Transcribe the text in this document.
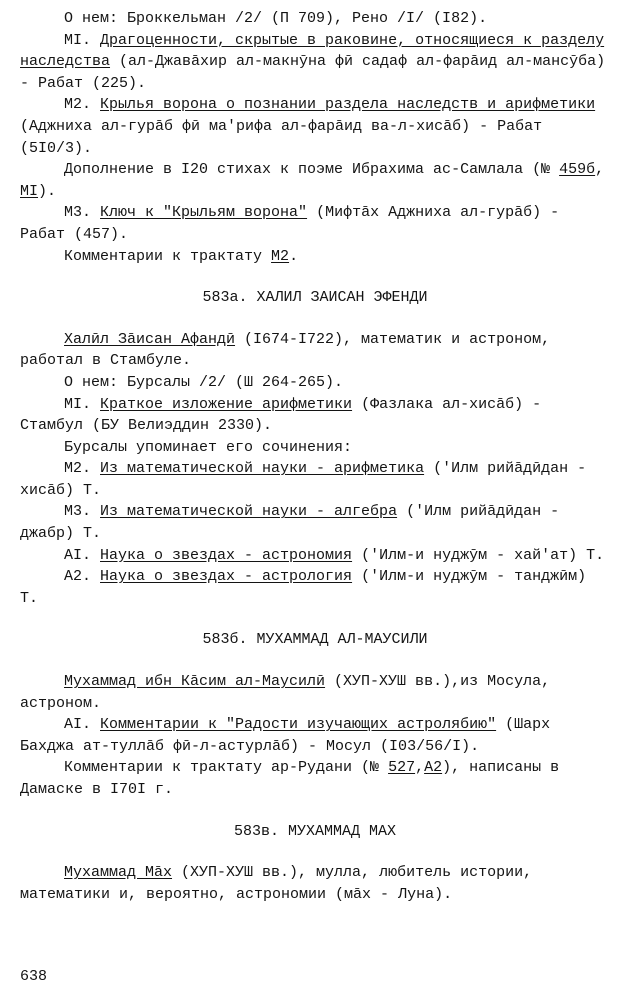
О нем: Броккельман /2/ (П 709), Рено /I/ (I82).

MI. Драгоценности, скрытые в раковине, относящиеся к разделу наследства (ал-Джавāхир ал-макнӯна фӣ садаф ал-фарāид ал-мансӯба) - Рабат (225).

M2. Крылья ворона о познании раздела наследств и арифметики (Аджниха ал-гурāб фӣ ма'рифа ал-фарāид ва-л-хисāб) - Рабат (5I0/3).

Дополнение в I20 стихах к поэме Ибрахима ас-Самлала (№ 459б, MI).

M3. Ключ к "Крыльям ворона" (Мифтāх Аджниха ал-гурāб) - Рабат (457).

Комментарии к трактату M2.

583а. ХАЛИЛ ЗАИСАН ЭФЕНДИ

Халӣл Зāисан Афандӣ (I674-I722), математик и астроном, работал в Стамбуле.

О нем: Бурсалы /2/ (Ш 264-265).

MI. Краткое изложение арифметики (Фазлака ал-хисāб) - Стамбул (БУ Велиэддин 2330).

Бурсалы упоминает его сочинения:

M2. Из математической науки - арифметика ('Илм рийāдӣдан - хисāб) Т.

M3. Из математической науки - алгебра ('Илм рийāдӣдан - джабр) Т.

AI. Наука о звездах - астрономия ('Илм-и нуджӯм - хай'ат) Т.

A2. Наука о звездах - астрология ('Илм-и нуджӯм - танджӣм) Т.

583б. МУХАММАД АЛ-МАУСИЛИ

Мухаммад ибн Кāсим ал-Маусилӣ (ХУП-ХУШ вв.),из Мосула, астроном.

AI. Комментарии к "Радости изучающих астролябию" (Шарх Бахджа ат-туллāб фӣ-л-астурлāб) - Мосул (I03/56/I).

Комментарии к трактату ар-Рудани (№ 527,A2), написаны в Дамаске в I70I г.

583в. МУХАММАД МАХ

Мухаммад Мāх (ХУП-ХУШ вв.), мулла, любитель истории, математики и, вероятно, астрономии (мāх - Луна).

638
